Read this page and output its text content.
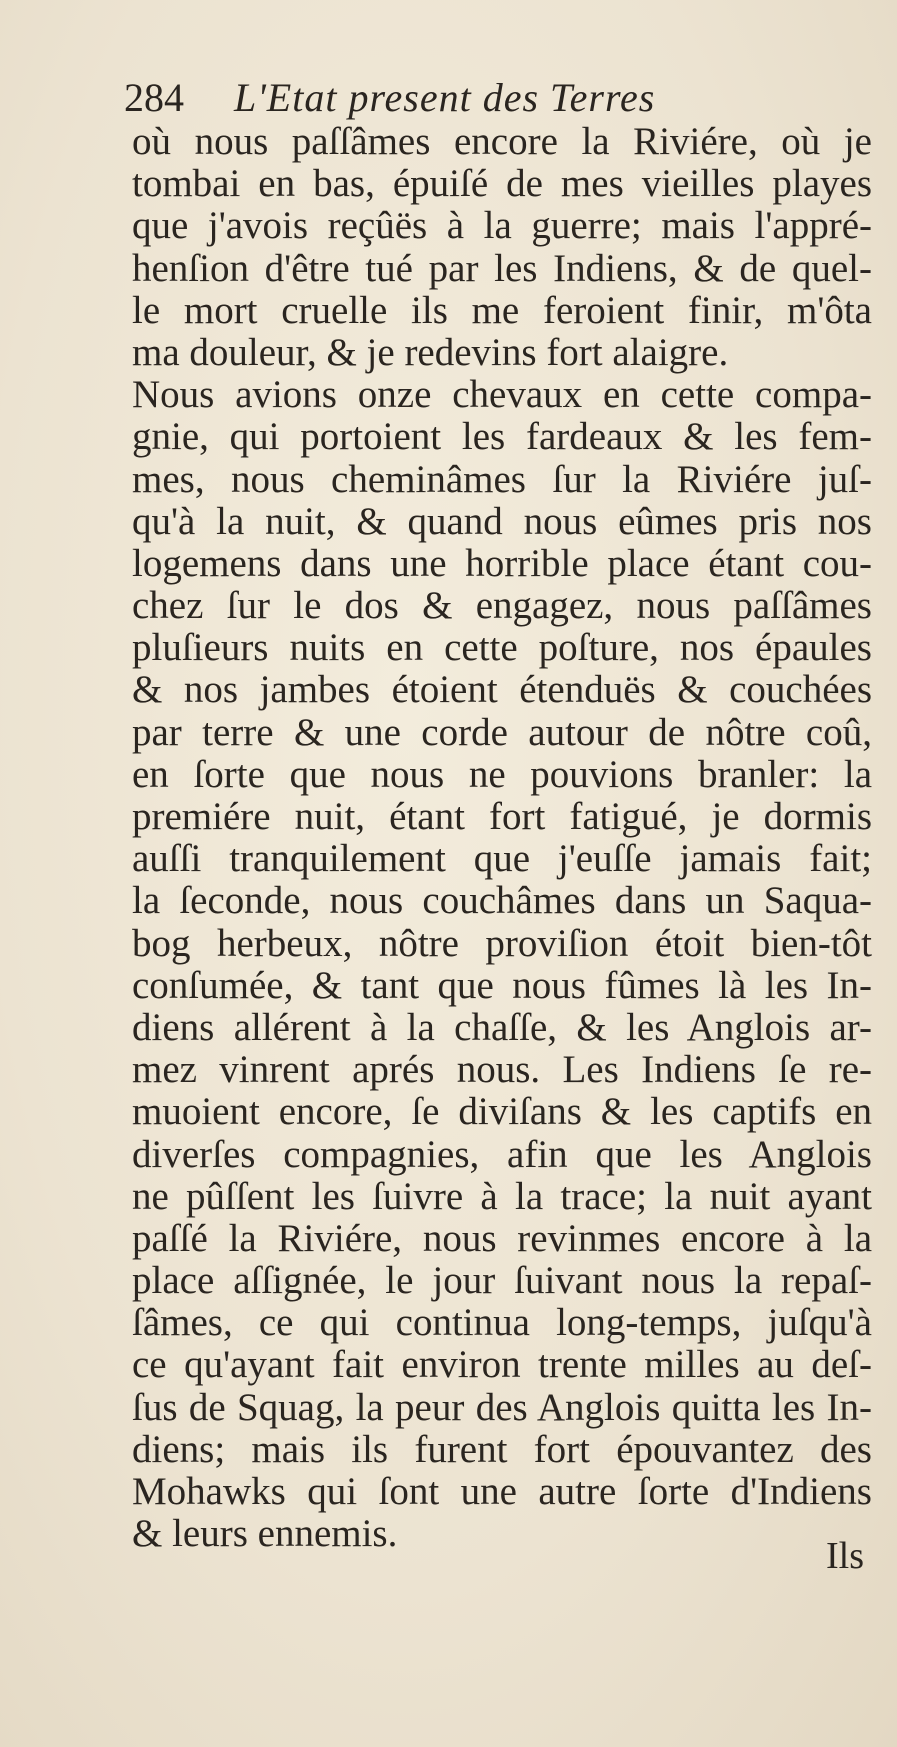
284 L'Etat present des Terres
où nous paſſâmes encore la Riviére, où je
tombai en bas, épuiſé de mes vieilles playes
que j'avois reçûës à la guerre; mais l'appré-
henſion d'être tué par les Indiens, & de quel-
le mort cruelle ils me feroient finir, m'ôta
ma douleur, & je redevins fort alaigre.
Nous avions onze chevaux en cette compa-
gnie, qui portoient les fardeaux & les fem-
mes, nous cheminâmes ſur la Riviére juſ-
qu'à la nuit, & quand nous eûmes pris nos
logemens dans une horrible place étant cou-
chez ſur le dos & engagez, nous paſſâmes
pluſieurs nuits en cette poſture, nos épaules
& nos jambes étoient étenduës & couchées
par terre & une corde autour de nôtre coû,
en ſorte que nous ne pouvions branler: la
premiére nuit, étant fort fatigué, je dormis
auſſi tranquilement que j'euſſe jamais fait;
la ſeconde, nous couchâmes dans un Saqua-
bog herbeux, nôtre proviſion étoit bien-tôt
conſumée, & tant que nous fûmes là les In-
diens allérent à la chaſſe, & les Anglois ar-
mez vinrent aprés nous. Les Indiens ſe re-
muoient encore, ſe diviſans & les captifs en
diverſes compagnies, afin que les Anglois
ne pûſſent les ſuivre à la trace; la nuit ayant
paſſé la Riviére, nous revinmes encore à la
place aſſignée, le jour ſuivant nous la repaſ-
ſâmes, ce qui continua long-temps, juſqu'à
ce qu'ayant fait environ trente milles au deſ-
ſus de Squag, la peur des Anglois quitta les In-
diens; mais ils furent fort épouvantez des
Mohawks qui ſont une autre ſorte d'Indiens
& leurs ennemis.
Ils
